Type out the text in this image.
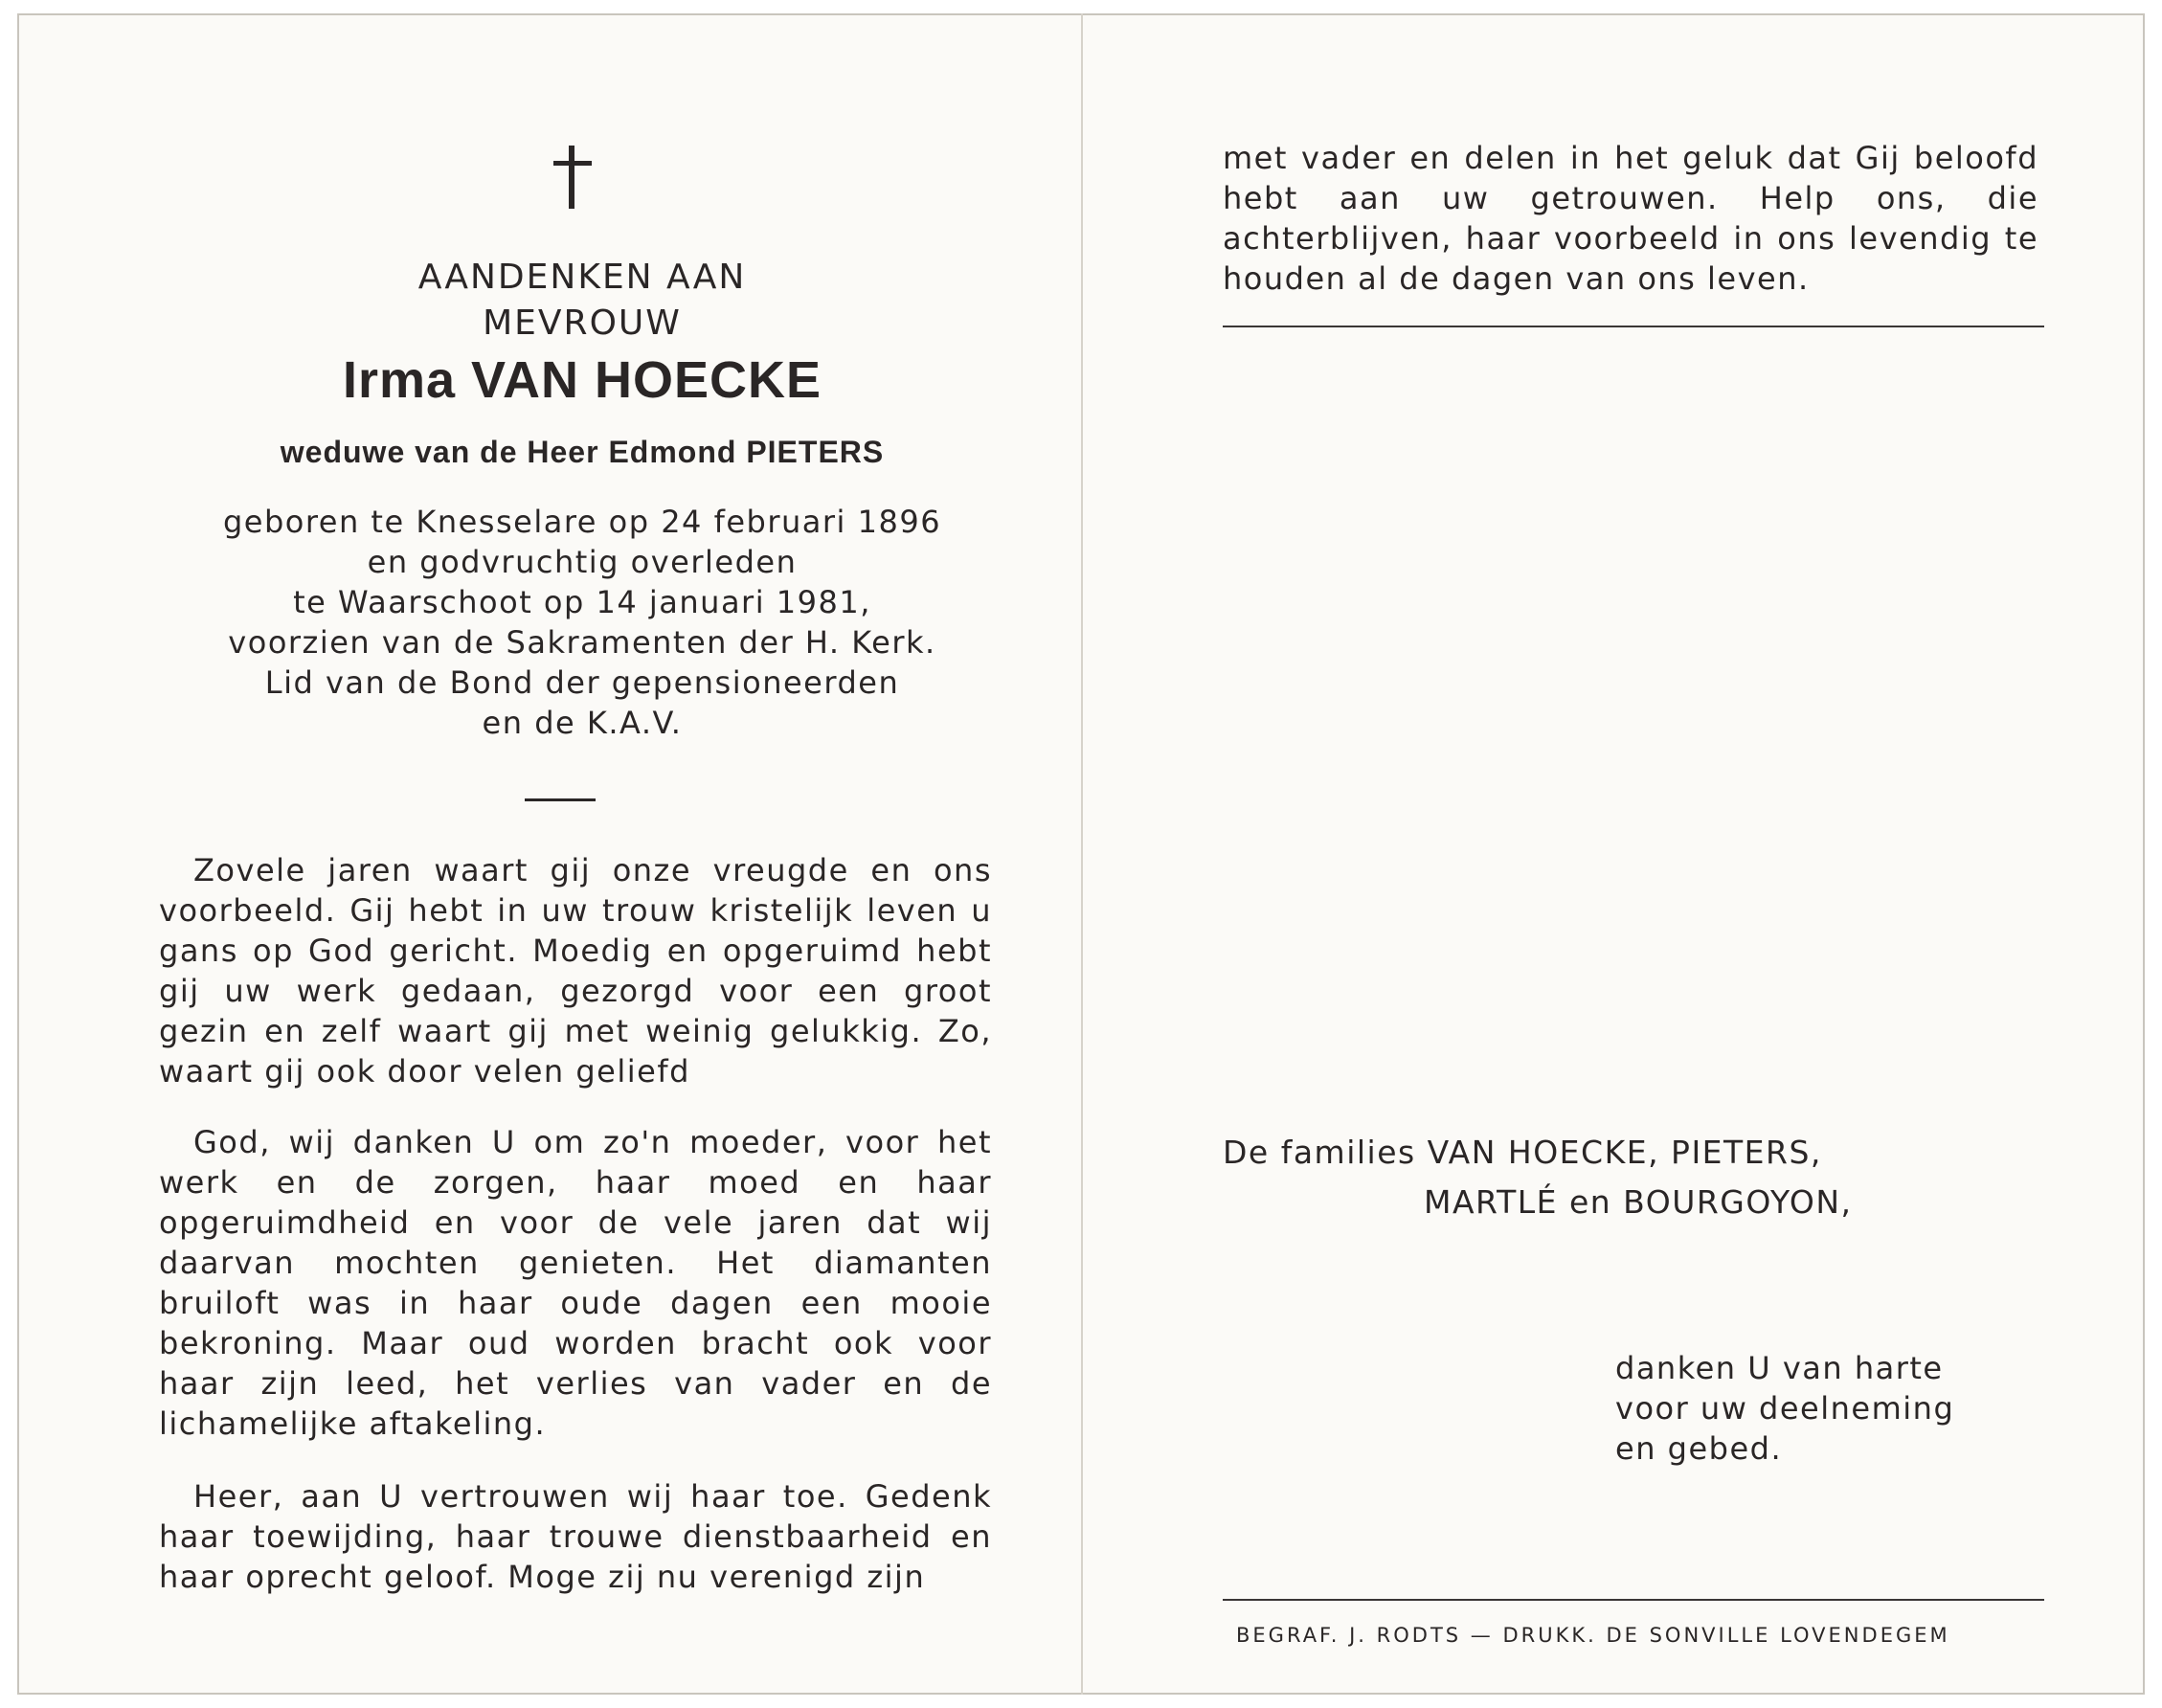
AANDENKEN AAN
MEVROUW
Irma VAN HOECKE
weduwe van de Heer Edmond PIETERS
geboren te Knesselare op 24 februari 1896
en godvruchtig overleden
te Waarschoot op 14 januari 1981,
voorzien van de Sakramenten der H. Kerk.
Lid van de Bond der gepensioneerden
en de K.A.V.
Zovele jaren waart gij onze vreugde en ons voorbeeld. Gij hebt in uw trouw kristelijk leven u gans op God gericht. Moedig en opgeruimd hebt gij uw werk gedaan, gezorgd voor een groot gezin en zelf waart gij met weinig gelukkig. Zo, waart gij ook door velen geliefd
God, wij danken U om zo'n moeder, voor het werk en de zorgen, haar moed en haar opgeruimdheid en voor de vele jaren dat wij daarvan mochten genieten. Het diamanten bruiloft was in haar oude dagen een mooie bekroning. Maar oud worden bracht ook voor haar zijn leed, het verlies van vader en de lichamelijke aftakeling.
Heer, aan U vertrouwen wij haar toe. Gedenk haar toewijding, haar trouwe dienstbaarheid en haar oprecht geloof. Moge zij nu verenigd zijn
met vader en delen in het geluk dat Gij beloofd hebt aan uw getrouwen. Help ons, die achterblijven, haar voorbeeld in ons levendig te houden al de dagen van ons leven.
De families VAN HOECKE, PIETERS,
MARTLÉ en BOURGOYON,
danken U van harte
voor uw deelneming
en gebed.
BEGRAF. J. RODTS — DRUKK. DE SONVILLE LOVENDEGEM
